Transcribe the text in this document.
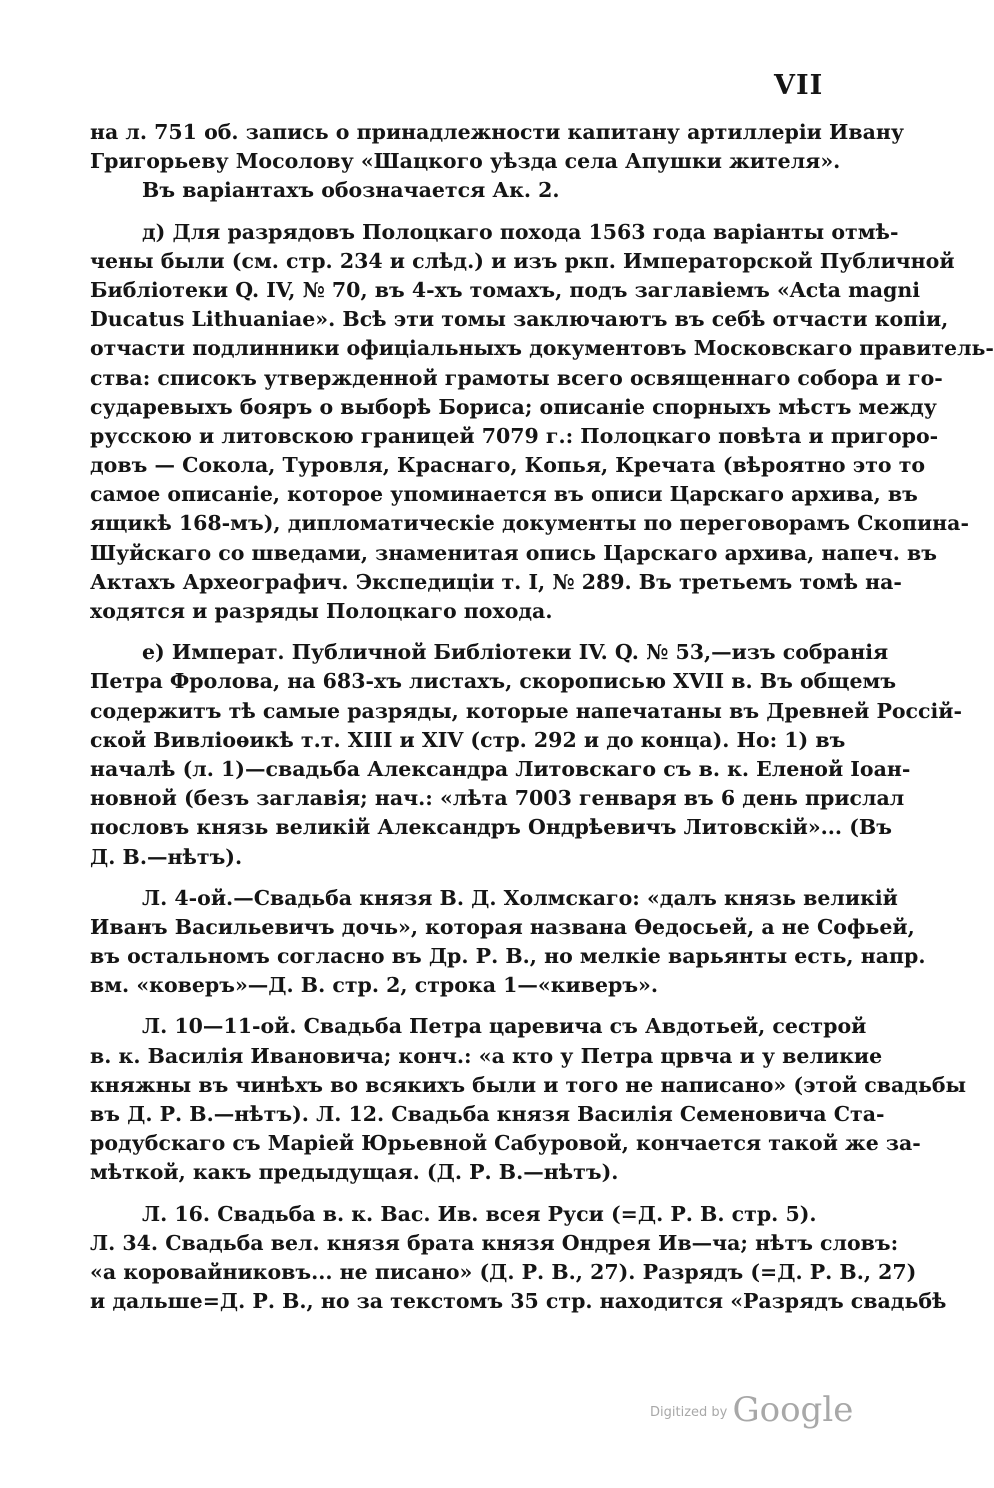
VII
на л. 751 об. запись о принадлежности капитану артиллеріи Ивану
Григорьеву Мосолову «Шацкого уѣзда села Апушки жителя».
Въ варіантахъ обозначается Ак. 2.
д) Для разрядовъ Полоцкаго похода 1563 года варіанты отмѣ-
чены были (см. стр. 234 и слѣд.) и изъ ркп. Императорской Публичной
Библіотеки Q. IV, № 70, въ 4-хъ томахъ, подъ заглавіемъ «Acta magni
Ducatus Lithuaniae». Всѣ эти томы заключаютъ въ себѣ отчасти копіи,
отчасти подлинники офиціальныхъ документовъ Московскаго правитель-
ства: списокъ утвержденной грамоты всего освященнаго собора и го-
сударевыхъ бояръ о выборѣ Бориса; описаніе спорныхъ мѣстъ между
русскою и литовскою границей 7079 г.: Полоцкаго повѣта и пригоро-
довъ — Сокола, Туровля, Краснаго, Копья, Кречата (вѣроятно это то
самое описаніе, которое упоминается въ описи Царскаго архива, въ
ящикѣ 168-мъ), дипломатическіе документы по переговорамъ Скопина-
Шуйскаго со шведами, знаменитая опись Царскаго архива, напеч. въ
Актахъ Археографич. Экспедиціи т. I, № 289. Въ третьемъ томѣ на-
ходятся и разряды Полоцкаго похода.
е) Императ. Публичной Библіотеки IV. Q. № 53,—изъ собранія
Петра Фролова, на 683-хъ листахъ, скорописью XVII в. Въ общемъ
содержитъ тѣ самые разряды, которые напечатаны въ Древней Россій-
ской Вивліоѳикѣ т.т. XIII и XIV (стр. 292 и до конца). Но: 1) въ
началѣ (л. 1)—свадьба Александра Литовскаго съ в. к. Еленой Іоан-
новной (безъ заглавія; нач.: «лѣта 7003 генваря въ 6 день прислал
пословъ князь великій Александръ Ондрѣевичъ Литовскій»... (Въ
Д. В.—нѣтъ).
Л. 4-ой.—Свадьба князя В. Д. Холмскаго: «далъ князь великій
Иванъ Васильевичъ дочь», которая названа Ѳедосьей, а не Софьей,
въ остальномъ согласно въ Др. Р. В., но мелкіе варьянты есть, напр.
вм. «коверъ»—Д. В. стр. 2, строка 1—«киверъ».
Л. 10—11-ой. Свадьба Петра царевича съ Авдотьей, сестрой
в. к. Василія Ивановича; конч.: «а кто у Петра црвча и у великие
княжны въ чинѣхъ во всякихъ были и того не написано» (этой свадьбы
въ Д. Р. В.—нѣтъ). Л. 12. Свадьба князя Василія Семеновича Ста-
родубскаго съ Маріей Юрьевной Сабуровой, кончается такой же за-
мѣткой, какъ предыдущая. (Д. Р. В.—нѣтъ).
Л. 16. Свадьба в. к. Вас. Ив. всея Руси (=Д. Р. В. стр. 5).
Л. 34. Свадьба вел. князя брата князя Ондрея Ив—ча; нѣтъ словъ:
«а коровайниковъ... не писано» (Д. Р. В., 27). Разрядъ (=Д. Р. В., 27)
и дальше=Д. Р. В., но за текстомъ 35 стр. находится «Разрядъ свадьбѣ
$^{Digitized by}$ Google
